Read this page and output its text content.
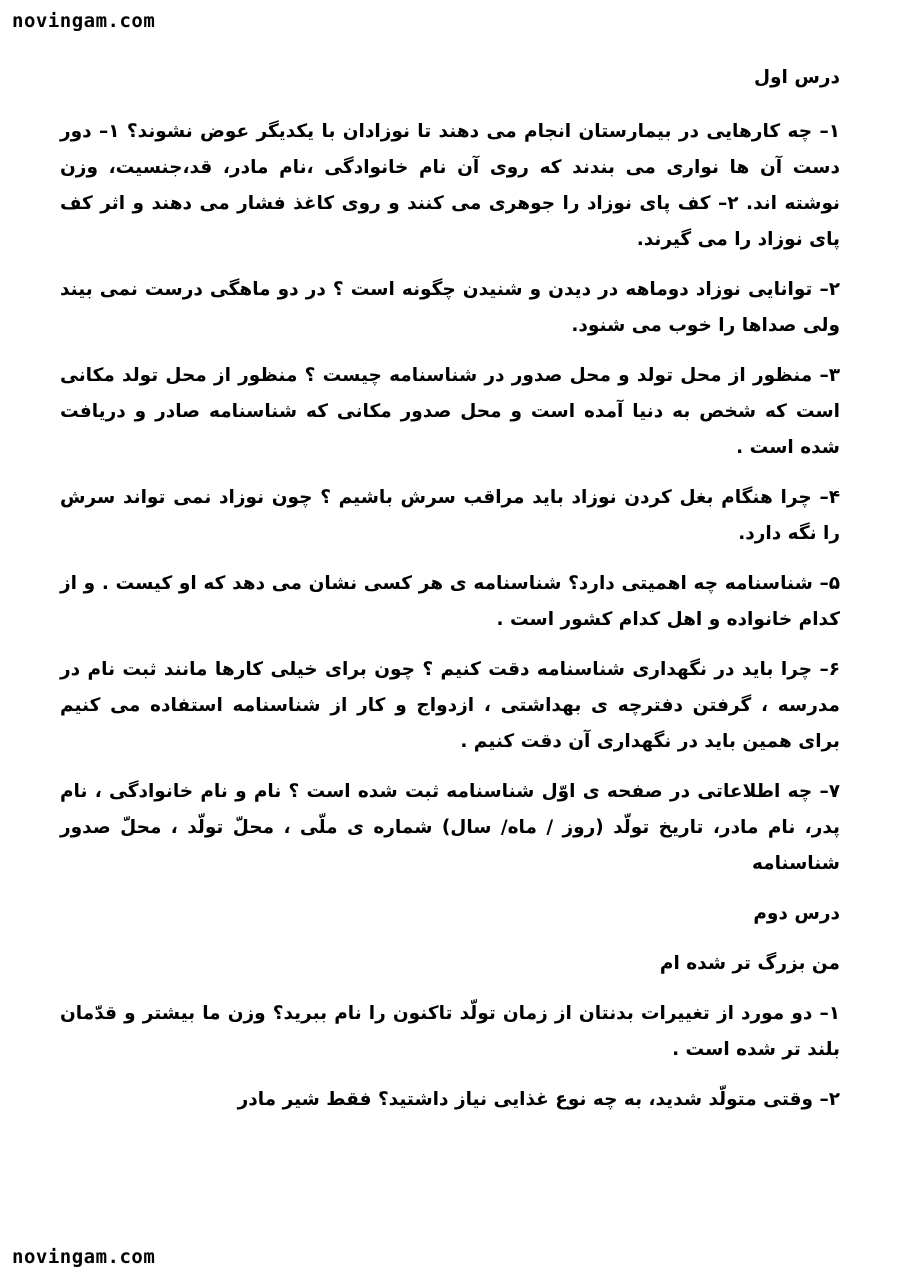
novingam.com

درس اول

۱– چه کارهایی در بیمارستان انجام می دهند تا نوزادان با یکدیگر عوض نشوند؟ ۱– دور دست آن ها نواری می بندند که روی آن نام خانوادگی ،نام مادر، قد،جنسیت، وزن نوشته اند. ۲– کف پای نوزاد را جوهری می کنند و روی کاغذ فشار می دهند و اثر کف پای نوزاد را می گیرند.

۲– توانایی نوزاد دوماهه در دیدن و شنیدن چگونه است ؟ در دو ماهگی درست نمی بیند ولی صداها را خوب می شنود.

۳– منظور از محل تولد و محل صدور در شناسنامه چیست ؟ منظور از محل تولد مکانی است که شخص به دنیا آمده است و محل صدور مکانی که شناسنامه صادر و دریافت شده است .

۴– چرا هنگام بغل کردن نوزاد باید مراقب سرش باشیم ؟ چون نوزاد نمی تواند سرش را نگه دارد.

۵– شناسنامه چه اهمیتی دارد؟ شناسنامه ی هر کسی نشان می دهد که او کیست . و از کدام خانواده و اهل کدام کشور است .

۶– چرا باید در نگهداری شناسنامه دقت کنیم ؟ چون برای خیلی کارها مانند ثبت نام در مدرسه ، گرفتن دفترچه ی بهداشتی ، ازدواج و کار از شناسنامه استفاده می کنیم برای همین باید در نگهداری آن دقت کنیم .

۷– چه اطلاعاتی در صفحه ی اوّل شناسنامه ثبت شده است ؟ نام و نام خانوادگی ، نام پدر، نام مادر، تاریخ تولّد (روز / ماه/ سال) شماره ی ملّی ، محلّ تولّد ، محلّ صدور شناسنامه

درس دوم

من بزرگ تر شده ام

۱– دو مورد از تغییرات بدنتان از زمان تولّد تاکنون را نام ببرید؟ وزن ما بیشتر و قدّمان بلند تر شده است .

۲– وقتی متولّد شدید، به چه نوع غذایی نیاز داشتید؟ فقط شیر مادر

novingam.com
